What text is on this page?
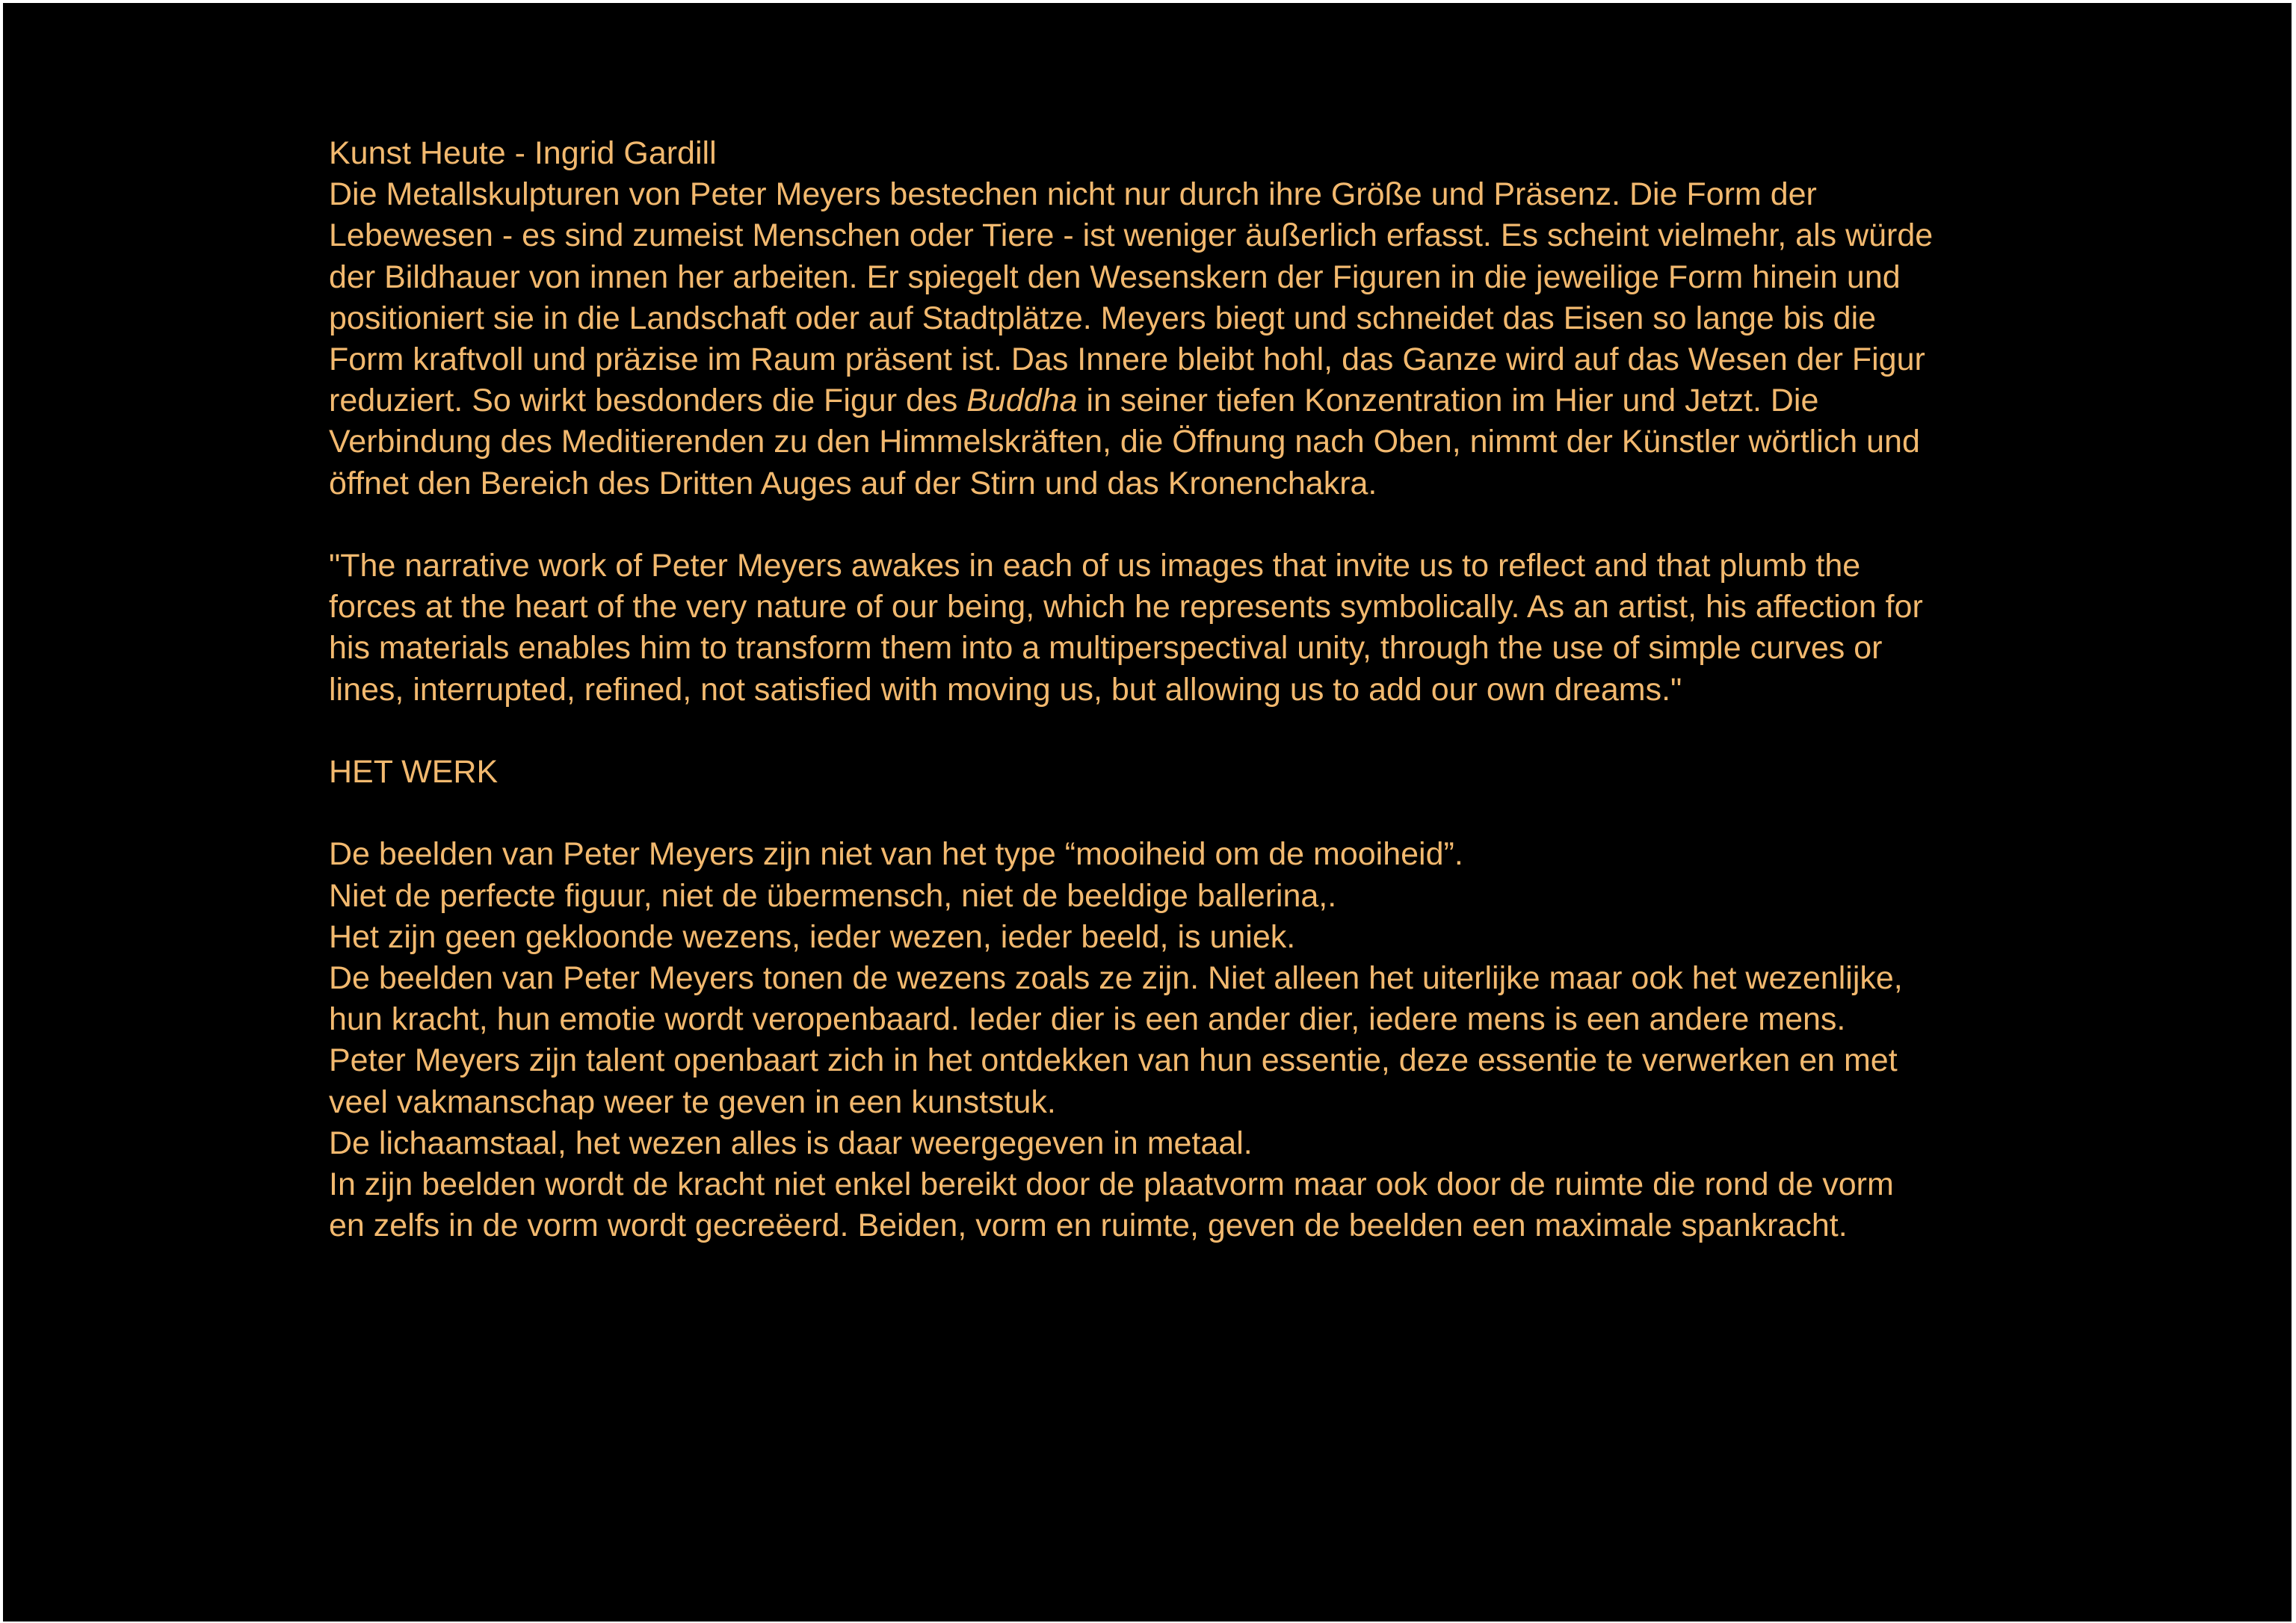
Kunst Heute - Ingrid Gardill

Die Metallskulpturen von Peter Meyers bestechen nicht nur durch ihre Größe und Präsenz. Die Form der Lebewesen - es sind zumeist Menschen oder Tiere - ist weniger äußerlich erfasst. Es scheint vielmehr, als würde der Bildhauer von innen her arbeiten. Er spiegelt den Wesenskern der Figuren in die jeweilige Form hinein und positioniert sie in die Landschaft oder auf Stadtplätze. Meyers biegt und schneidet das Eisen so lange bis die Form kraftvoll und präzise im Raum präsent ist. Das Innere bleibt hohl, das Ganze wird auf das Wesen der Figur reduziert. So wirkt besdonders die Figur des Buddha in seiner tiefen Konzentration im Hier und Jetzt. Die Verbindung des Meditierenden zu den Himmelskräften, die Öffnung nach Oben, nimmt der Künstler wörtlich und öffnet den Bereich des Dritten Auges auf der Stirn und das Kronenchakra.

"The narrative work of Peter Meyers awakes in each of us images that invite us to reflect and that plumb the forces at the heart of the very nature of our being, which he represents symbolically. As an artist, his affection for his materials enables him to transform them into a multiperspectival unity, through the use of simple curves or lines, interrupted, refined, not satisfied with moving us, but allowing us to add our own dreams."

HET WERK

De beelden van Peter Meyers zijn niet van het type “mooiheid om de mooiheid”.

Niet de perfecte figuur, niet de übermensch, niet de beeldige ballerina,.

Het zijn geen gekloonde wezens, ieder wezen, ieder beeld, is uniek.

De beelden van Peter Meyers tonen de wezens zoals ze zijn. Niet alleen het uiterlijke maar ook het wezenlijke, hun kracht, hun emotie wordt veropenbaard. Ieder dier is een ander dier, iedere mens is een andere mens.

Peter Meyers zijn talent openbaart zich in het ontdekken van hun essentie, deze essentie te verwerken en met veel vakmanschap weer te geven in een kunststuk.

De lichaamstaal, het wezen alles is daar weergegeven in metaal.

In zijn beelden wordt de kracht niet enkel bereikt door de plaatvorm maar ook door de ruimte die rond de vorm en zelfs in de vorm wordt gecreëerd. Beiden, vorm en ruimte, geven de beelden een maximale spankracht.
